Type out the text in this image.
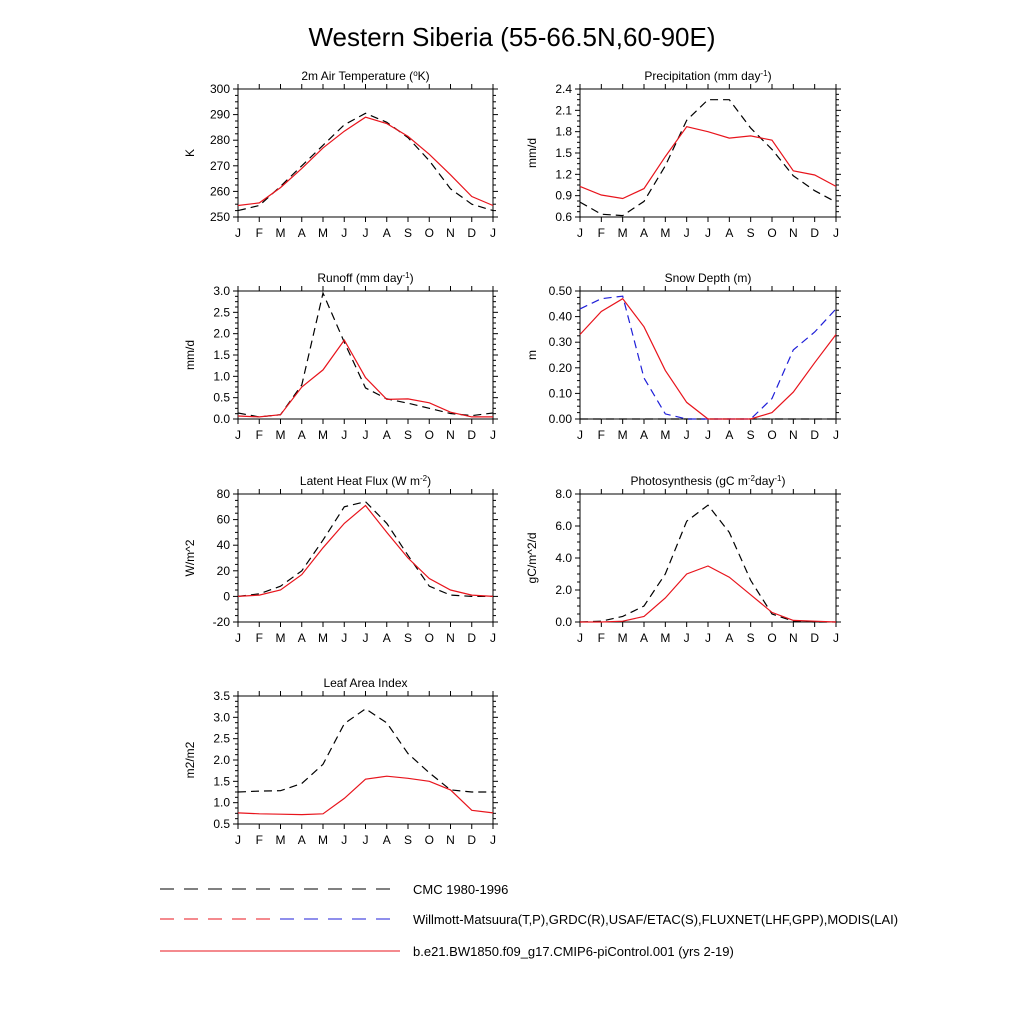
Western Siberia (55-66.5N,60-90E)
2m Air Temperature ($^o$K)
K
250
260
270
280
290
300
J F M A M J J A S O N D J
Precipitation (mm day$^{-1}$)
mm/d
0.6
0.9
1.2
1.5
1.8
2.1
2.4
J F M A M J J A S O N D J
Runoff (mm day$^{-1}$)
mm/d
0.0
0.5
1.0
1.5
2.0
2.5
3.0
J F M A M J J A S O N D J
Snow Depth (m)
m
0.00
0.10
0.20
0.30
0.40
0.50
J F M A M J J A S O N D J
Latent Heat Flux (W $m^{-2}$)
W/m^2
-20
0
20
40
60
80
J F M A M J J A S O N D J
Photosynthesis (gC $m^{-2}day^{-1}$)
gC/m^2/d
0.0
2.0
4.0
6.0
8.0
J F M A M J J A S O N D J
Leaf Area Index
m2/m2
0.5
1.0
1.5
2.0
2.5
3.0
3.5
J F M A M J J A S O N D J
CMC 1980-1996
Willmott-Matsuura(T,P),GRDC(R),USAF/ETAC(S),FLUXNET(LHF,GPP),MODIS(LAI)
b.e21.BW1850.f09_g17.CMIP6-piControl.001 (yrs 2-19)
